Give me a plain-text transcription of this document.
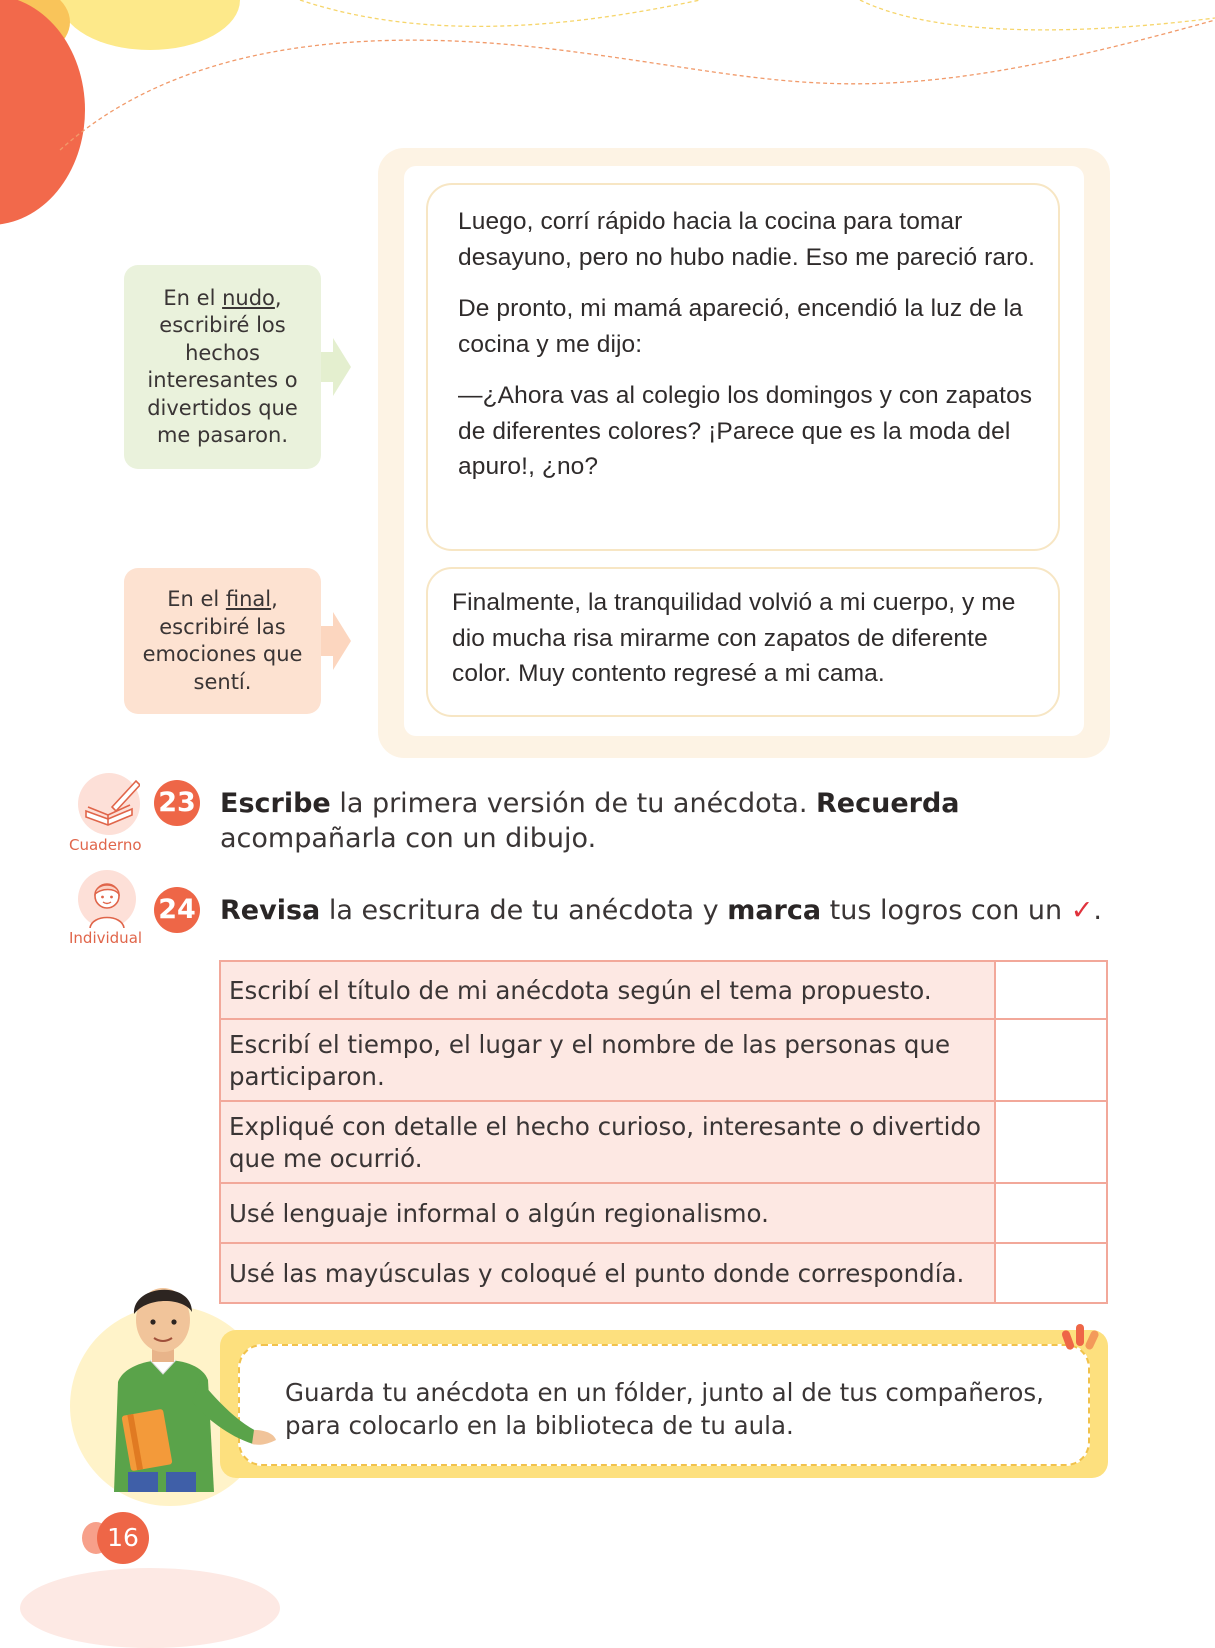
Luego, corrí rápido hacia la cocina para tomar desayuno, pero no hubo nadie. Eso me pareció raro.

De pronto, mi mamá apareció, encendió la luz de la cocina y me dijo:

—¿Ahora vas al colegio los domingos y con zapatos de diferentes colores? ¡Parece que es la moda del apuro!, ¿no?

Finalmente, la tranquilidad volvió a mi cuerpo, y me dio mucha risa mirarme con zapatos de diferente color. Muy contento regresé a mi cama.

En el nudo, escribiré los hechos interesantes o divertidos que me pasaron.
En el final, escribiré las emociones que sentí.
Cuaderno
23 Escribe la primera versión de tu anécdota. Recuerda acompañarla con un dibujo.
Individual
24 Revisa la escritura de tu anécdota y marca tus logros con un ✓.
Escribí el título de mi anécdota según el tema propuesto.	
Escribí el tiempo, el lugar y el nombre de las personas que participaron.	
Expliqué con detalle el hecho curioso, interesante o divertido que me ocurrió.	
Usé lenguaje informal o algún regionalismo.	
Usé las mayúsculas y coloqué el punto donde correspondía.	
Guarda tu anécdota en un fólder, junto al de tus compañeros, para colocarlo en la biblioteca de tu aula.
16
